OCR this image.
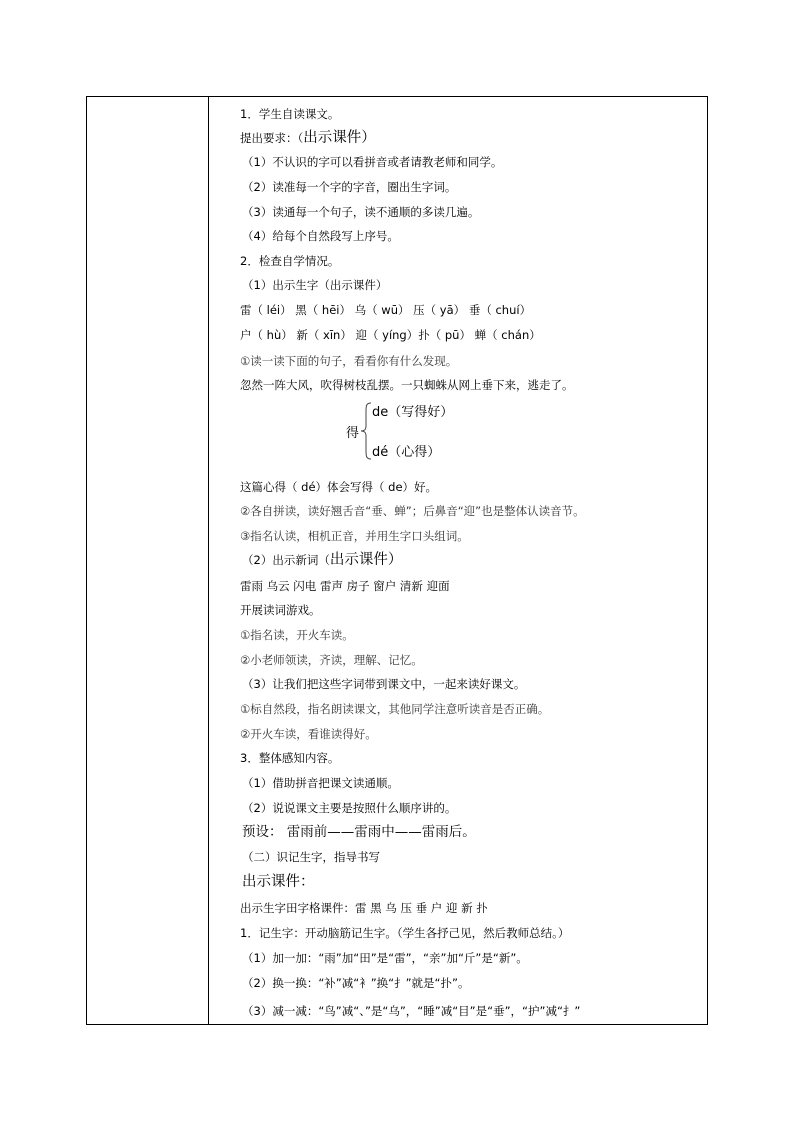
1．学生自读课文。
提出要求：（出示课件）
（1）不认识的字可以看拼音或者请教老师和同学。
（2）读准每一个字的字音，圈出生字词。
（3）读通每一个句子，读不通顺的多读几遍。
（4）给每个自然段写上序号。
2．检查自学情况。
（1）出示生字（出示课件）
雷（ léi） 黑（ hēi） 乌（ wū） 压（ yā） 垂（ chuí）
户（ hù） 新（ xīn） 迎（ yíng）扑（ pū） 蝉（ chán）
①读一读下面的句子，看看你有什么发现。
忽然一阵大风，吹得树枝乱摆。一只蜘蛛从网上垂下来，逃走了。
得
de（写得好）
dé（心得）
这篇心得（ dé）体会写得（ de）好。
②各自拼读，读好翘舌音“垂、蝉”；后鼻音“迎”也是整体认读音节。
③指名认读，相机正音，并用生字口头组词。
（2）出示新词（出示课件）
雷雨 乌云 闪电 雷声 房子 窗户 清新 迎面
开展读词游戏。
①指名读，开火车读。
②小老师领读，齐读，理解、记忆。
（3）让我们把这些字词带到课文中，一起来读好课文。
①标自然段，指名朗读课文，其他同学注意听读音是否正确。
②开火车读，看谁读得好。
3．整体感知内容。
（1）借助拼音把课文读通顺。
（2）说说课文主要是按照什么顺序讲的。
预设： 雷雨前——雷雨中——雷雨后。
（二）识记生字，指导书写
出示课件：
出示生字田字格课件：雷 黑 乌 压 垂 户 迎 新 扑
1．记生字：开动脑筋记生字。（学生各抒己见，然后教师总结。）
（1）加一加：“雨”加“田”是“雷”，“亲”加“斤”是“新”。
（2）换一换：“补”减“衤”换“扌”就是“扑”。
（3）减一减：“鸟”减“、”是“乌”，“睡”减“目”是“垂”，“护”减“扌”
